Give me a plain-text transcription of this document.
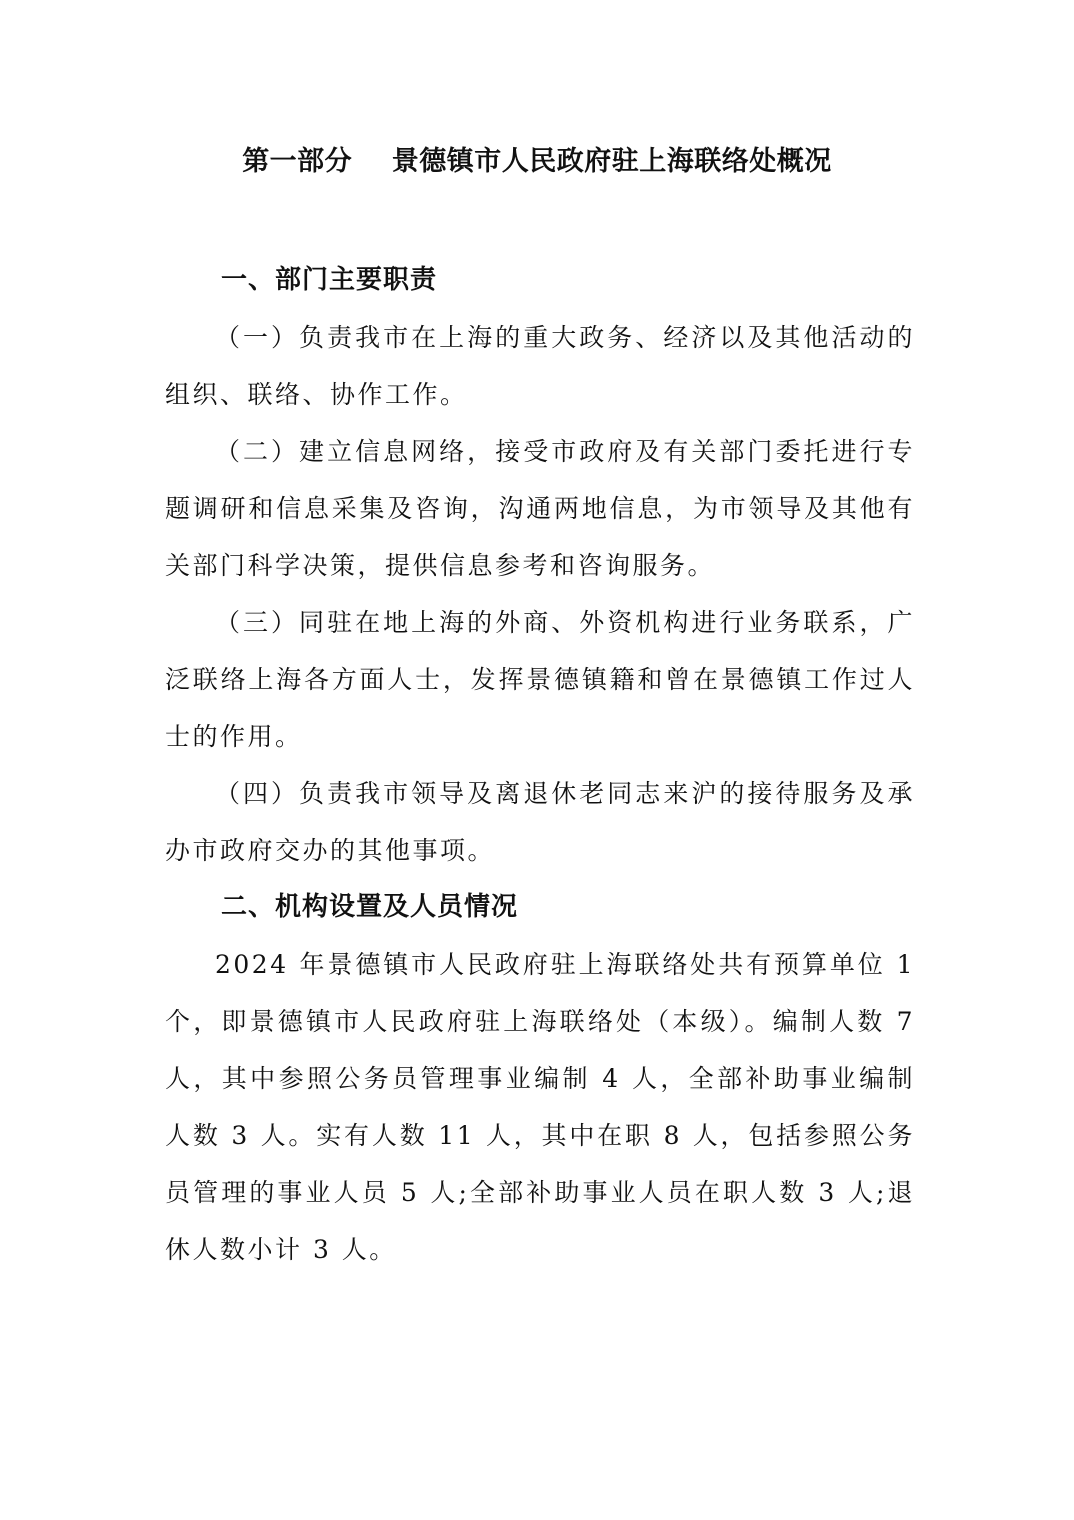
第一部分    景德镇市人民政府驻上海联络处概况
一、部门主要职责

（一）负责我市在上海的重大政务、经济以及其他活动的组织、联络、协作工作。

（二）建立信息网络，接受市政府及有关部门委托进行专题调研和信息采集及咨询，沟通两地信息，为市领导及其他有关部门科学决策，提供信息参考和咨询服务。

（三）同驻在地上海的外商、外资机构进行业务联系，广泛联络上海各方面人士，发挥景德镇籍和曾在景德镇工作过人士的作用。

（四）负责我市领导及离退休老同志来沪的接待服务及承办市政府交办的其他事项。

二、机构设置及人员情况

2024 年景德镇市人民政府驻上海联络处共有预算单位 1 个，即景德镇市人民政府驻上海联络处（本级）。编制人数 7 人，其中参照公务员管理事业编制 4 人，全部补助事业编制人数 3 人。实有人数 11 人，其中在职 8 人，包括参照公务员管理的事业人员 5 人;全部补助事业人员在职人数 3 人;退休人数小计 3 人。
